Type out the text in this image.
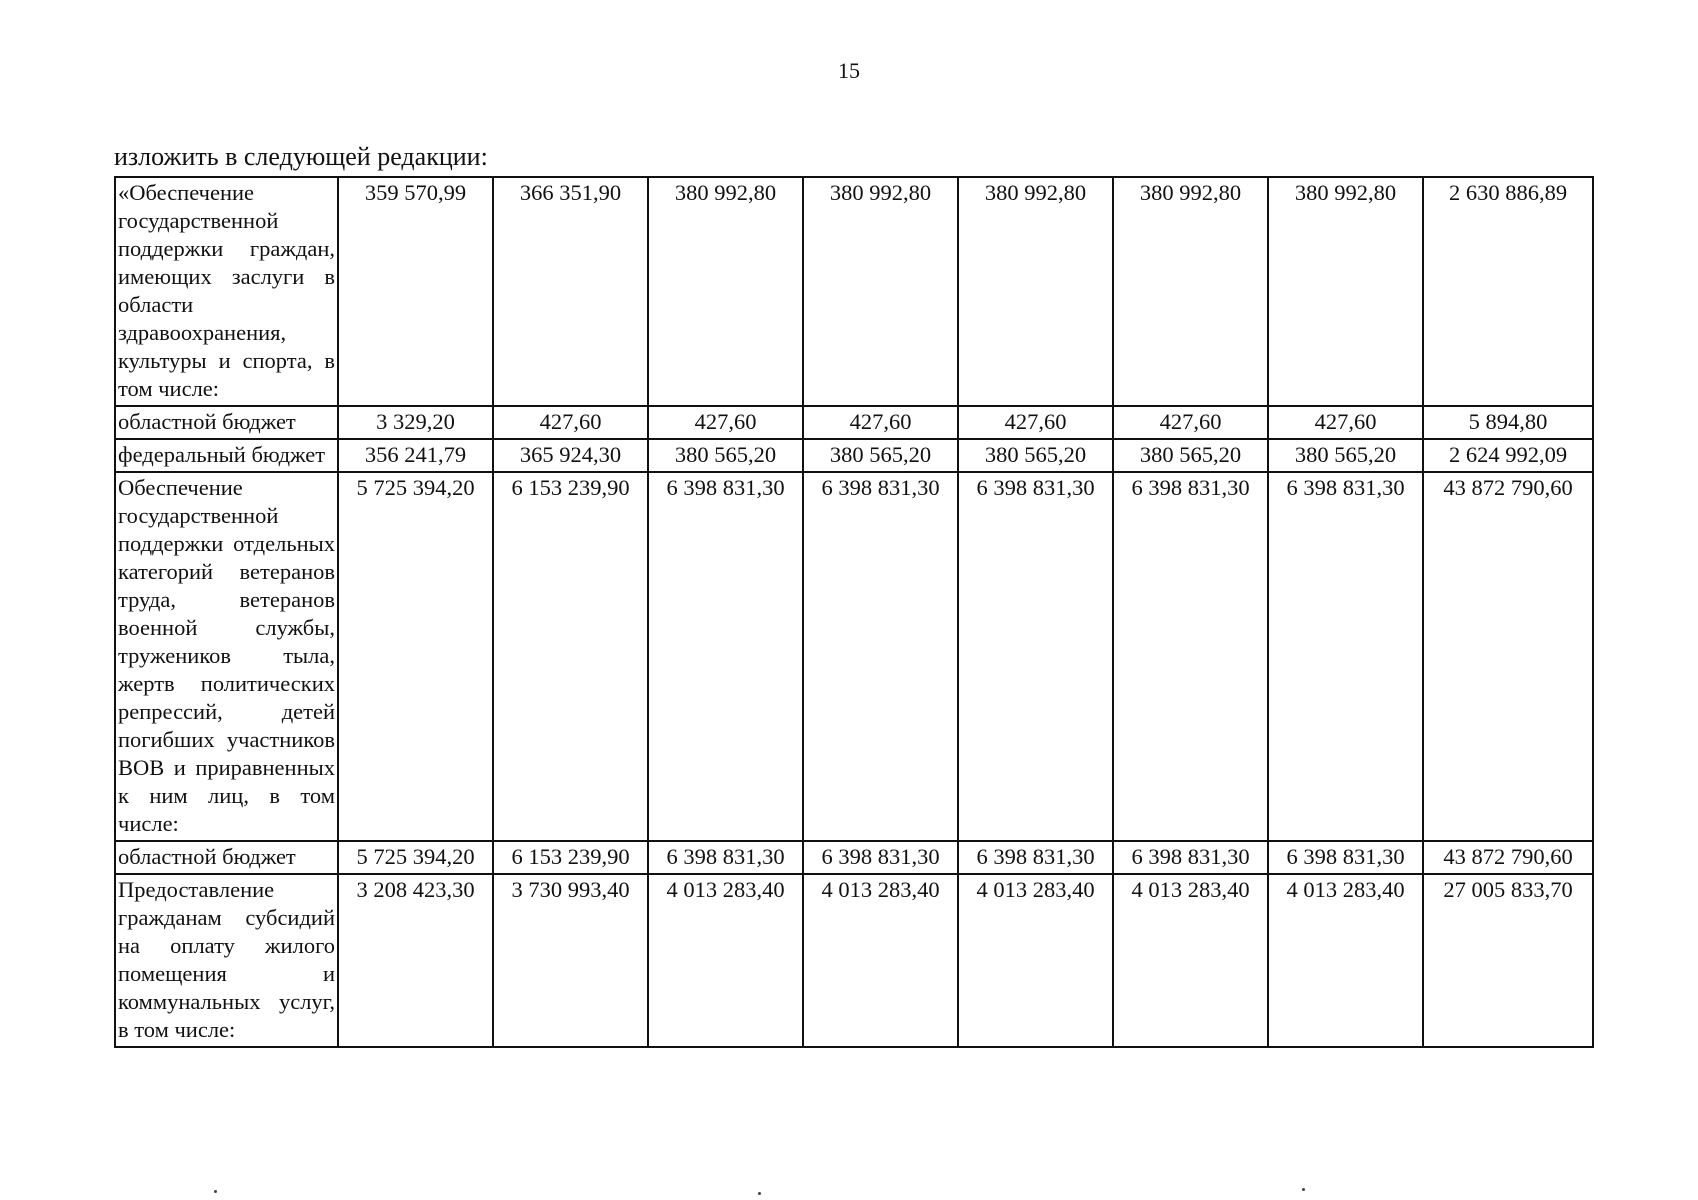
15
изложить в следующей редакции:
«Обеспечение государственной поддержки граждан, имеющих заслуги в области здравоохранения, культуры и спорта, в том числе:	359 570,99	366 351,90	380 992,80	380 992,80	380 992,80	380 992,80	380 992,80	2 630 886,89
областной бюджет	3 329,20	427,60	427,60	427,60	427,60	427,60	427,60	5 894,80
федеральный бюджет	356 241,79	365 924,30	380 565,20	380 565,20	380 565,20	380 565,20	380 565,20	2 624 992,09
Обеспечение государственной поддержки отдельных категорий ветеранов труда, ветеранов военной службы, тружеников тыла, жертв политических репрессий, детей погибших участников ВОВ и приравненных к ним лиц, в том числе:	5 725 394,20	6 153 239,90	6 398 831,30	6 398 831,30	6 398 831,30	6 398 831,30	6 398 831,30	43 872 790,60
областной бюджет	5 725 394,20	6 153 239,90	6 398 831,30	6 398 831,30	6 398 831,30	6 398 831,30	6 398 831,30	43 872 790,60
Предоставление гражданам субсидий на оплату жилого помещения и коммунальных услуг, в том числе:	3 208 423,30	3 730 993,40	4 013 283,40	4 013 283,40	4 013 283,40	4 013 283,40	4 013 283,40	27 005 833,70
